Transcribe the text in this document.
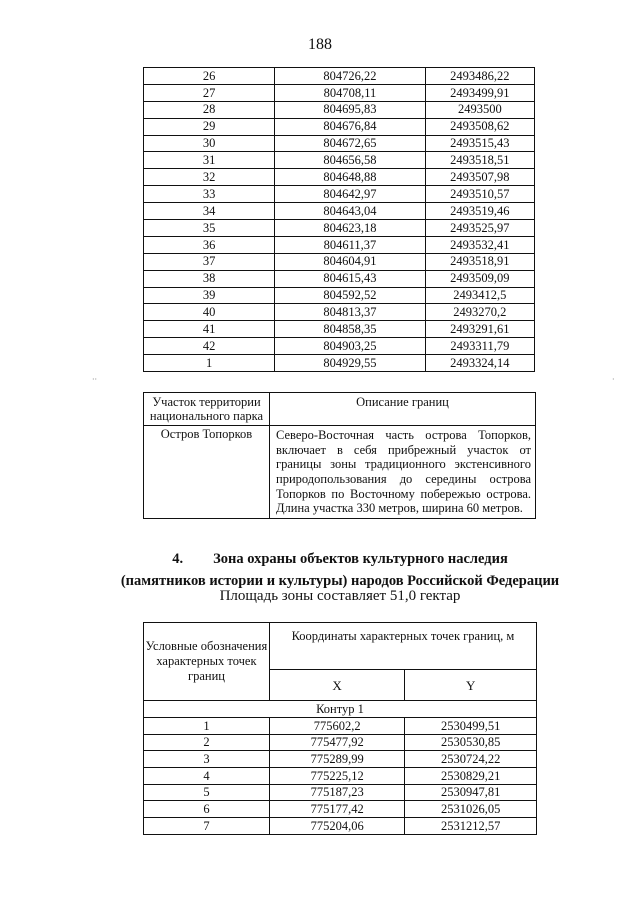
188
26	804726,22	2493486,22
27	804708,11	2493499,91
28	804695,83	2493500
29	804676,84	2493508,62
30	804672,65	2493515,43
31	804656,58	2493518,51
32	804648,88	2493507,98
33	804642,97	2493510,57
34	804643,04	2493519,46
35	804623,18	2493525,97
36	804611,37	2493532,41
37	804604,91	2493518,91
38	804615,43	2493509,09
39	804592,52	2493412,5
40	804813,37	2493270,2
41	804858,35	2493291,61
42	804903,25	2493311,79
1	804929,55	2493324,14
Участок территории национального парка	Описание границ
Остров Топорков	Северо-Восточная часть острова Топорков, включает в себя прибрежный участок от границы зоны традиционного экстенсивного природопользования до середины острова Топорков по Восточному побережью острова. Длина участка 330 метров, ширина 60 метров.
4. Зона охраны объектов культурного наследия
(памятников истории и культуры) народов Российской Федерации
Площадь зоны составляет 51,0 гектар
Условные обозначения характерных точек границ	Координаты характерных точек границ, м	
	X	Y
Контур 1		
1	775602,2	2530499,51
2	775477,92	2530530,85
3	775289,99	2530724,22
4	775225,12	2530829,21
5	775187,23	2530947,81
6	775177,42	2531026,05
7	775204,06	2531212,57
··	·
